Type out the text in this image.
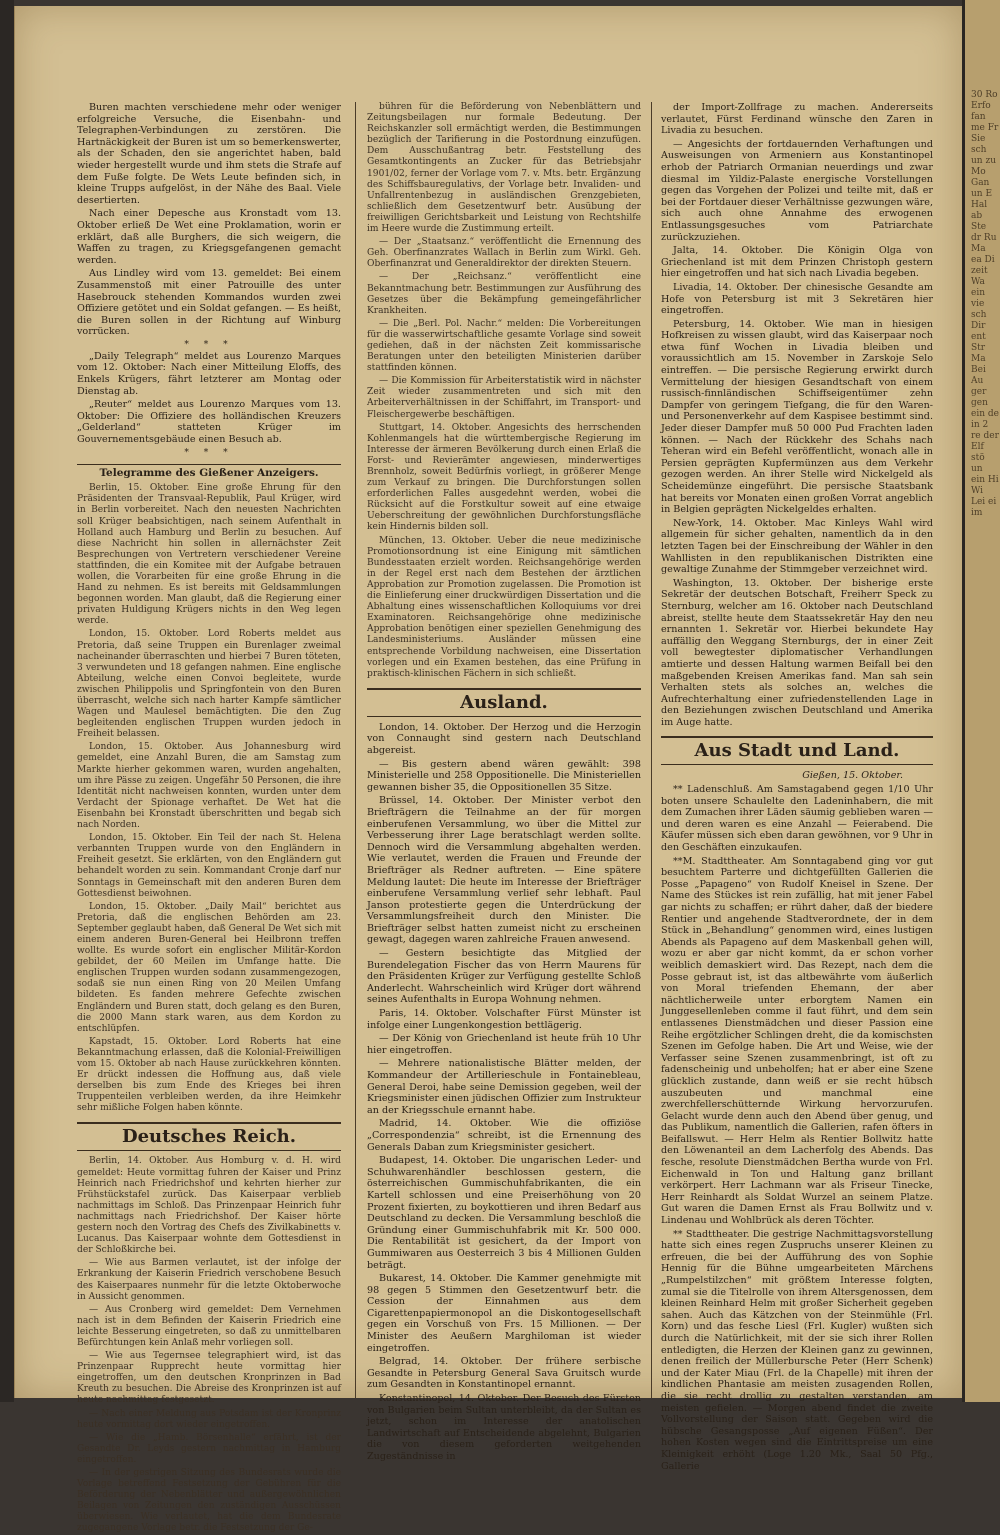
Buren machten verschiedene mehr oder weniger erfolgreiche Versuche, die Eisenbahn- und Telegraphen-Verbindungen zu zerstören. Die Hartnäckigkeit der Buren ist um so bemerkenswerter, als der Schaden, den sie angerichtet haben, bald wieder hergestellt wurde und ihm stets die Strafe auf dem Fuße folgte. De Wets Leute befinden sich, in kleine Trupps aufgelöst, in der Nähe des Baal. Viele desertierten.

Nach einer Depesche aus Kronstadt vom 13. Oktober erließ De Wet eine Proklamation, worin er erklärt, daß alle Burghers, die sich weigern, die Waffen zu tragen, zu Kriegsgefangenen gemacht werden.

Aus Lindley wird vom 13. gemeldet: Bei einem Zusammenstoß mit einer Patrouille des unter Hasebrouck stehenden Kommandos wurden zwei Offiziere getötet und ein Soldat gefangen. — Es heißt, die Buren sollen in der Richtung auf Winburg vorrücken.

* * *

„Daily Telegraph“ meldet aus Lourenzo Marques vom 12. Oktober: Nach einer Mitteilung Eloffs, des Enkels Krügers, fährt letzterer am Montag oder Dienstag ab.

„Reuter“ meldet aus Lourenzo Marques vom 13. Oktober: Die Offiziere des holländischen Kreuzers „Gelderland“ statteten Krüger im Gouvernementsgebäude einen Besuch ab.

* * *
Telegramme des Gießener Anzeigers.

Berlin, 15. Oktober. Eine große Ehrung für den Präsidenten der Transvaal-Republik, Paul Krüger, wird in Berlin vorbereitet. Nach den neuesten Nachrichten soll Krüger beabsichtigen, nach seinem Aufenthalt in Holland auch Hamburg und Berlin zu besuchen. Auf diese Nachricht hin sollen in allernächster Zeit Besprechungen von Vertretern verschiedener Vereine stattfinden, die ein Komitee mit der Aufgabe betrauen wollen, die Vorarbeiten für eine große Ehrung in die Hand zu nehmen. Es ist bereits mit Geldsammlungen begonnen worden. Man glaubt, daß die Regierung einer privaten Huldigung Krügers nichts in den Weg legen werde.

London, 15. Oktober. Lord Roberts meldet aus Pretoria, daß seine Truppen ein Burenlager zweimal nacheinander überraschten und hierbei 7 Buren töteten, 3 verwundeten und 18 gefangen nahmen. Eine englische Abteilung, welche einen Convoi begleitete, wurde zwischen Philippolis und Springfontein von den Buren überrascht, welche sich nach harter Kampfe sämtlicher Wagen und Maulesel bemächtigten. Die den Zug begleitenden englischen Truppen wurden jedoch in Freiheit belassen.

London, 15. Oktober. Aus Johannesburg wird gemeldet, eine Anzahl Buren, die am Samstag zum Markte hierher gekommen waren, wurden angehalten, um ihre Pässe zu zeigen. Ungefähr 50 Personen, die ihre Identität nicht nachweisen konnten, wurden unter dem Verdacht der Spionage verhaftet. De Wet hat die Eisenbahn bei Kronstadt überschritten und begab sich nach Norden.

London, 15. Oktober. Ein Teil der nach St. Helena verbannten Truppen wurde von den Engländern in Freiheit gesetzt. Sie erklärten, von den Engländern gut behandelt worden zu sein. Kommandant Cronje darf nur Sonntags in Gemeinschaft mit den anderen Buren dem Gottesdienst beiwohnen.

London, 15. Oktober. „Daily Mail“ berichtet aus Pretoria, daß die englischen Behörden am 23. September geglaubt haben, daß General De Wet sich mit einem anderen Buren-General bei Heilbronn treffen wollte. Es wurde sofort ein englischer Militär-Kordon gebildet, der 60 Meilen im Umfange hatte. Die englischen Truppen wurden sodann zusammengezogen, sodaß sie nun einen Ring von 20 Meilen Umfang bildeten. Es fanden mehrere Gefechte zwischen Engländern und Buren statt, doch gelang es den Buren, die 2000 Mann stark waren, aus dem Kordon zu entschlüpfen.

Kapstadt, 15. Oktober. Lord Roberts hat eine Bekanntmachung erlassen, daß die Kolonial-Freiwilligen vom 15. Oktober ab nach Hause zurückkehren könnten. Er drückt indessen die Hoffnung aus, daß viele derselben bis zum Ende des Krieges bei ihren Truppenteilen verbleiben werden, da ihre Heimkehr sehr mißliche Folgen haben könnte.

Deutsches Reich.

Berlin, 14. Oktober. Aus Homburg v. d. H. wird gemeldet: Heute vormittag fuhren der Kaiser und Prinz Heinrich nach Friedrichshof und kehrten hierher zur Frühstückstafel zurück. Das Kaiserpaar verblieb nachmittags im Schloß. Das Prinzenpaar Heinrich fuhr nachmittags nach Friedrichshof. Der Kaiser hörte gestern noch den Vortrag des Chefs des Zivilkabinetts v. Lucanus. Das Kaiserpaar wohnte dem Gottesdienst in der Schloßkirche bei.

— Wie aus Barmen verlautet, ist der infolge der Erkrankung der Kaiserin Friedrich verschobene Besuch des Kaiserpaares nunmehr für die letzte Oktoberwoche in Aussicht genommen.

— Aus Cronberg wird gemeldet: Dem Vernehmen nach ist in dem Befinden der Kaiserin Friedrich eine leichte Besserung eingetreten, so daß zu unmittelbaren Befürchtungen kein Anlaß mehr vorliegen soll.

— Wie aus Tegernsee telegraphiert wird, ist das Prinzenpaar Rupprecht heute vormittag hier eingetroffen, um den deutschen Kronprinzen in Bad Kreuth zu besuchen. Die Abreise des Kronprinzen ist auf heute nachmittag festgesetzt.

— Nach einer Meldung aus Potsdam ist der Kronprinz heute vormittag dort wieder eingetroffen.

— Wie die „Hamb. Börsenhalle“ erfährt, ist der Gesandte Dr. Leyds gestern nachmittag in Hamburg eingetroffen.

— In der gestrigen Sitzung des Bundesrats wurde die Vorlage betreffend Festsetzung der Gebühren für die Beförderung der Nebenblätter und außergewöhnlichen Beilagen von Zeitungen den zuständigen Ausschüssen überwiesen. Wie verlautet, hat die dem Bundesrate zugegangene Vorlage betr. die Festsetzung der Ge-

bühren für die Beförderung von Nebenblättern und Zeitungsbeilagen nur formale Bedeutung. Der Reichskanzler soll ermächtigt werden, die Bestimmungen bezüglich der Tarifierung in die Postordnung einzufügen. Dem Ausschußantrag betr. Feststellung des Gesamtkontingents an Zucker für das Betriebsjahr 1901/02, ferner der Vorlage vom 7. v. Mts. betr. Ergänzung des Schiffsbauregulativs, der Vorlage betr. Invaliden- und Unfallrentenbezug in ausländischen Grenzgebieten, schließlich dem Gesetzentwurf betr. Ausübung der freiwilligen Gerichtsbarkeit und Leistung von Rechtshilfe im Heere wurde die Zustimmung erteilt.

— Der „Staatsanz.“ veröffentlicht die Ernennung des Geh. Oberfinanzrates Wallach in Berlin zum Wirkl. Geh. Oberfinanzrat und Generaldirektor der direkten Steuern.

— Der „Reichsanz.“ veröffentlicht eine Bekanntmachung betr. Bestimmungen zur Ausführung des Gesetzes über die Bekämpfung gemeingefährlicher Krankheiten.

— Die „Berl. Pol. Nachr.“ melden: Die Vorbereitungen für die wasserwirtschaftliche gesamte Vorlage sind soweit gediehen, daß in der nächsten Zeit kommissarische Beratungen unter den beteiligten Ministerien darüber stattfinden können.

— Die Kommission für Arbeiterstatistik wird in nächster Zeit wieder zusammentreten und sich mit den Arbeiterverhältnissen in der Schiffahrt, im Transport- und Fleischergewerbe beschäftigen.

Stuttgart, 14. Oktober. Angesichts des herrschenden Kohlenmangels hat die württembergische Regierung im Interesse der ärmeren Bevölkerung durch einen Erlaß die Forst- und Revierämter angewiesen, minderwertiges Brennholz, soweit Bedürfnis vorliegt, in größerer Menge zum Verkauf zu bringen. Die Durchforstungen sollen erforderlichen Falles ausgedehnt werden, wobei die Rücksicht auf die Forstkultur soweit auf eine etwaige Ueberschreitung der gewöhnlichen Durchforstungsfläche kein Hindernis bilden soll.

München, 13. Oktober. Ueber die neue medizinische Promotionsordnung ist eine Einigung mit sämtlichen Bundesstaaten erzielt worden. Reichsangehörige werden in der Regel erst nach dem Bestehen der ärztlichen Approbation zur Promotion zugelassen. Die Promotion ist die Einlieferung einer druckwürdigen Dissertation und die Abhaltung eines wissenschaftlichen Kolloquiums vor drei Examinatoren. Reichsangehörige ohne medizinische Approbation benötigen einer speziellen Genehmigung des Landesministeriums. Ausländer müssen eine entsprechende Vorbildung nachweisen, eine Dissertation vorlegen und ein Examen bestehen, das eine Prüfung in praktisch-klinischen Fächern in sich schließt.

Ausland.

London, 14. Oktober. Der Herzog und die Herzogin von Connaught sind gestern nach Deutschland abgereist.

— Bis gestern abend wären gewählt: 398 Ministerielle und 258 Oppositionelle. Die Ministeriellen gewannen bisher 35, die Oppositionellen 35 Sitze.

Brüssel, 14. Oktober. Der Minister verbot den Briefträgern die Teilnahme an der für morgen einberufenen Versammlung, wo über die Mittel zur Verbesserung ihrer Lage beratschlagt werden sollte. Dennoch wird die Versammlung abgehalten werden. Wie verlautet, werden die Frauen und Freunde der Briefträger als Redner auftreten. — Eine spätere Meldung lautet: Die heute im Interesse der Briefträger einberufene Versammlung verlief sehr lebhaft. Paul Janson protestierte gegen die Unterdrückung der Versammlungsfreiheit durch den Minister. Die Briefträger selbst hatten zumeist nicht zu erscheinen gewagt, dagegen waren zahlreiche Frauen anwesend.

— Gestern besichtigte das Mitglied der Burendelegation Fischer das von Herrn Maurens für den Präsidenten Krüger zur Verfügung gestellte Schloß Anderlecht. Wahrscheinlich wird Krüger dort während seines Aufenthalts in Europa Wohnung nehmen.

Paris, 14. Oktober. Volschafter Fürst Münster ist infolge einer Lungenkongestion bettlägerig.

— Der König von Griechenland ist heute früh 10 Uhr hier eingetroffen.

— Mehrere nationalistische Blätter melden, der Kommandeur der Artillerieschule in Fontainebleau, General Deroi, habe seine Demission gegeben, weil der Kriegsminister einen jüdischen Offizier zum Instrukteur an der Kriegsschule ernannt habe.

Madrid, 14. Oktober. Wie die offiziöse „Correspondenzia“ schreibt, ist die Ernennung des Generals Daban zum Kriegsminister gesichert.

Budapest, 14. Oktober. Die ungarischen Leder- und Schuhwarenhändler beschlossen gestern, die österreichischen Gummischuhfabrikanten, die ein Kartell schlossen und eine Preiserhöhung von 20 Prozent fixierten, zu boykottieren und ihren Bedarf aus Deutschland zu decken. Die Versammlung beschloß die Gründung einer Gummischuhfabrik mit Kr. 500 000. Die Rentabilität ist gesichert, da der Import von Gummiwaren aus Oesterreich 3 bis 4 Millionen Gulden beträgt.

Bukarest, 14. Oktober. Die Kammer genehmigte mit 98 gegen 5 Stimmen den Gesetzentwurf betr. die Cession der Einnahmen aus dem Cigarettenpapiermonopol an die Diskontogesellschaft gegen ein Vorschuß von Frs. 15 Millionen. — Der Minister des Aeußern Marghiloman ist wieder eingetroffen.

Belgrad, 14. Oktober. Der frühere serbische Gesandte in Petersburg General Sava Gruitsch wurde zum Gesandten in Konstantinopel ernannt.

Konstantinopel, 14. Oktober. Der Besuch des Fürsten von Bulgarien beim Sultan unterbleibt, da der Sultan es jetzt, schon im Interesse der anatolischen Landwirtschaft auf Entscheidende abgelehnt, Bulgarien die von diesem geforderten weitgehenden Zugeständnisse in

der Import-Zollfrage zu machen. Andererseits verlautet, Fürst Ferdinand wünsche den Zaren in Livadia zu besuchen.

— Angesichts der fortdauernden Verhaftungen und Ausweisungen von Armeniern aus Konstantinopel erhob der Patriarch Ormanian neuerdings und zwar diesmal im Yildiz-Palaste energische Vorstellungen gegen das Vorgehen der Polizei und teilte mit, daß er bei der Fortdauer dieser Verhältnisse gezwungen wäre, sich auch ohne Annahme des erwogenen Entlassungsgesuches vom Patriarchate zurückzuziehen.

Jalta, 14. Oktober. Die Königin Olga von Griechenland ist mit dem Prinzen Christoph gestern hier eingetroffen und hat sich nach Livadia begeben.

Livadia, 14. Oktober. Der chinesische Gesandte am Hofe von Petersburg ist mit 3 Sekretären hier eingetroffen.

Petersburg, 14. Oktober. Wie man in hiesigen Hofkreisen zu wissen glaubt, wird das Kaiserpaar noch etwa fünf Wochen in Livadia bleiben und voraussichtlich am 15. November in Zarskoje Selo eintreffen. — Die persische Regierung erwirkt durch Vermittelung der hiesigen Gesandtschaft von einem russisch-finnländischen Schiffseigentümer zehn Dampfer von geringem Tiefgang, die für den Waren- und Personenverkehr auf dem Kaspisee bestimmt sind. Jeder dieser Dampfer muß 50 000 Pud Frachten laden können. — Nach der Rückkehr des Schahs nach Teheran wird ein Befehl veröffentlicht, wonach alle in Persien geprägten Kupfermünzen aus dem Verkehr gezogen werden. An ihrer Stelle wird Nickelgeld als Scheidemünze eingeführt. Die persische Staatsbank hat bereits vor Monaten einen großen Vorrat angeblich in Belgien geprägten Nickelgeldes erhalten.

New-York, 14. Oktober. Mac Kinleys Wahl wird allgemein für sicher gehalten, namentlich da in den letzten Tagen bei der Einschreibung der Wähler in den Wahllisten in den republikanischen Distrikten eine gewaltige Zunahme der Stimmgeber verzeichnet wird.

Washington, 13. Oktober. Der bisherige erste Sekretär der deutschen Botschaft, Freiherr Speck zu Sternburg, welcher am 16. Oktober nach Deutschland abreist, stellte heute dem Staatssekretär Hay den neu ernannten 1. Sekretär vor. Hierbei bekundete Hay auffällig den Weggang Sternburgs, der in einer Zeit voll bewegtester diplomatischer Verhandlungen amtierte und dessen Haltung warmen Beifall bei den maßgebenden Kreisen Amerikas fand. Man sah sein Verhalten stets als solches an, welches die Aufrechterhaltung einer zufriedenstellenden Lage in den Beziehungen zwischen Deutschland und Amerika im Auge hatte.

Aus Stadt und Land.
Gießen, 15. Oktober.

** Ladenschluß. Am Samstagabend gegen 1/10 Uhr boten unsere Schaulelte den Ladeninhabern, die mit dem Zumachen ihrer Läden säumig geblieben waren — und deren waren es eine Anzahl — Feierabend. Die Käufer müssen sich eben daran gewöhnen, vor 9 Uhr in den Geschäften einzukaufen.

**M. Stadttheater. Am Sonntagabend ging vor gut besuchtem Parterre und dichtgefüllten Gallerien die Posse „Papageno“ von Rudolf Kneisel in Szene. Der Name des Stückes ist rein zufällig, hat mit jener Fabel gar nichts zu schaffen; er rührt daher, daß der biedere Rentier und angehende Stadtverordnete, der in dem Stück in „Behandlung“ genommen wird, eines lustigen Abends als Papageno auf dem Maskenball gehen will, wozu er aber gar nicht kommt, da er schon vorher weiblich demaskiert wird. Das Rezept, nach dem die Posse gebraut ist, ist das altbewährte vom äußerlich von Moral triefenden Ehemann, der aber nächtlicherweile unter erborgtem Namen ein Junggesellenleben comme il faut führt, und dem sein entlassenes Dienstmädchen und dieser Passion eine Reihe ergötzlicher Schlingen dreht, die da komischsten Szenen im Gefolge haben. Die Art und Weise, wie der Verfasser seine Szenen zusammenbringt, ist oft zu fadenscheinig und unbeholfen; hat er aber eine Szene glücklich zustande, dann weiß er sie recht hübsch auszubeuten und manchmal eine zwerchfellerschütternde Wirkung hervorzurufen. Gelacht wurde denn auch den Abend über genug, und das Publikum, namentlich die Gallerien, rafen öfters in Beifallswut. — Herr Helm als Rentier Bollwitz hatte den Löwenanteil an dem Lacherfolg des Abends. Das fesche, resolute Dienstmädchen Bertha wurde von Frl. Eichenwald in Ton und Haltung ganz brillant verkörpert. Herr Lachmann war als Friseur Tinecke, Herr Reinhardt als Soldat Wurzel an seinem Platze. Gut waren die Damen Ernst als Frau Bollwitz und v. Lindenau und Wohlbrück als deren Töchter.

** Stadttheater. Die gestrige Nachmittagsvorstellung hatte sich eines regen Zuspruchs unserer Kleinen zu erfreuen, die bei der Aufführung des von Sophie Hennig für die Bühne umgearbeiteten Märchens „Rumpelstilzchen“ mit größtem Interesse folgten, zumal sie die Titelrolle von ihrem Altersgenossen, dem kleinen Reinhard Helm mit großer Sicherheit gegeben sahen. Auch das Kätzchen von der Steinmühle (Frl. Korn) und das fesche Liesl (Frl. Kugler) wußten sich durch die Natürlichkeit, mit der sie sich ihrer Rollen entledigten, die Herzen der Kleinen ganz zu gewinnen, denen freilich der Müllerbursche Peter (Herr Schenk) und der Kater Miau (Frl. de la Chapelle) mit ihren der kindlichen Phantasie am meisten zusagenden Rollen, die sie recht drollig zu gestalten verstanden, am meisten gefielen. — Morgen abend findet die zweite Vollvorstellung der Saison statt. Gegeben wird die hübsche Gesangsposse „Auf eigenen Füßen“. Der hohen Kosten wegen sind die Eintrittspreise um eine Kleinigkeit erhöht (Loge 1.20 Mk., Saal 50 Pfg., Gallerie

30 Ro Erfo fan me Fr Sie sch un zu Mo Gan un E Hal ab Ste dr Ru Ma ea Di zeit Wa ein vie sch Dir ent Str Ma Bei Au ger gen ein de in 2 re der Elf stö un ein Hi Wi Lei ei im
